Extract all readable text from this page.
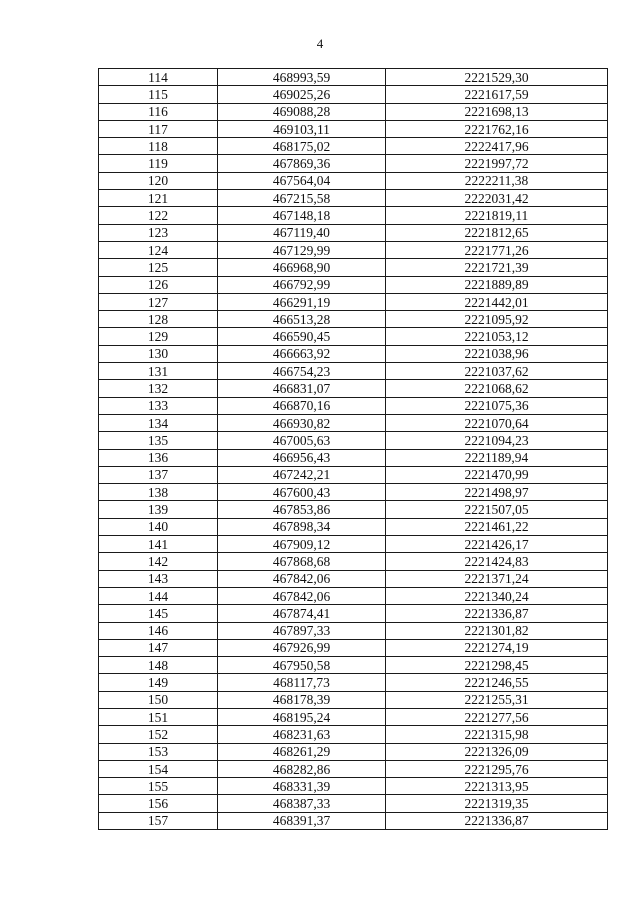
4
114	468993,59	2221529,30
115	469025,26	2221617,59
116	469088,28	2221698,13
117	469103,11	2221762,16
118	468175,02	2222417,96
119	467869,36	2221997,72
120	467564,04	2222211,38
121	467215,58	2222031,42
122	467148,18	2221819,11
123	467119,40	2221812,65
124	467129,99	2221771,26
125	466968,90	2221721,39
126	466792,99	2221889,89
127	466291,19	2221442,01
128	466513,28	2221095,92
129	466590,45	2221053,12
130	466663,92	2221038,96
131	466754,23	2221037,62
132	466831,07	2221068,62
133	466870,16	2221075,36
134	466930,82	2221070,64
135	467005,63	2221094,23
136	466956,43	2221189,94
137	467242,21	2221470,99
138	467600,43	2221498,97
139	467853,86	2221507,05
140	467898,34	2221461,22
141	467909,12	2221426,17
142	467868,68	2221424,83
143	467842,06	2221371,24
144	467842,06	2221340,24
145	467874,41	2221336,87
146	467897,33	2221301,82
147	467926,99	2221274,19
148	467950,58	2221298,45
149	468117,73	2221246,55
150	468178,39	2221255,31
151	468195,24	2221277,56
152	468231,63	2221315,98
153	468261,29	2221326,09
154	468282,86	2221295,76
155	468331,39	2221313,95
156	468387,33	2221319,35
157	468391,37	2221336,87
